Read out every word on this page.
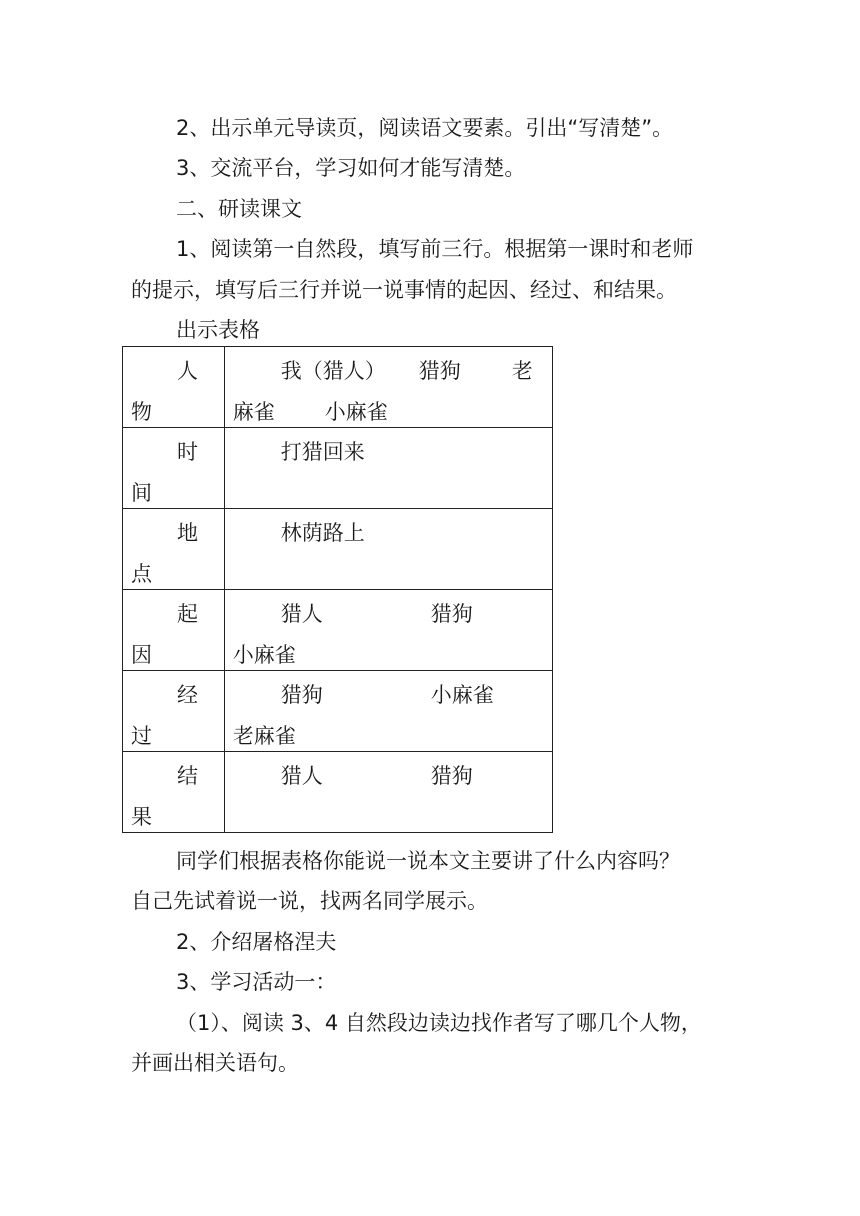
2、出示单元导读页，阅读语文要素。引出“写清楚”。
3、交流平台，学习如何才能写清楚。
二、研读课文
1、阅读第一自然段，填写前三行。根据第一课时和老师
的提示，填写后三行并说一说事情的起因、经过、和结果。
出示表格
人
物	我（猎人） 猎狗 老
麻雀 小麻雀

时
间	打猎回来

地
点	林荫路上

起
因	猎人 猎狗
小麻雀

经
过	猎狗 小麻雀
老麻雀

结
果	猎人 猎狗
同学们根据表格你能说一说本文主要讲了什么内容吗？
自己先试着说一说，找两名同学展示。
2、介绍屠格涅夫
3、学习活动一：
（1）、阅读 3、4 自然段边读边找作者写了哪几个人物，
并画出相关语句。
